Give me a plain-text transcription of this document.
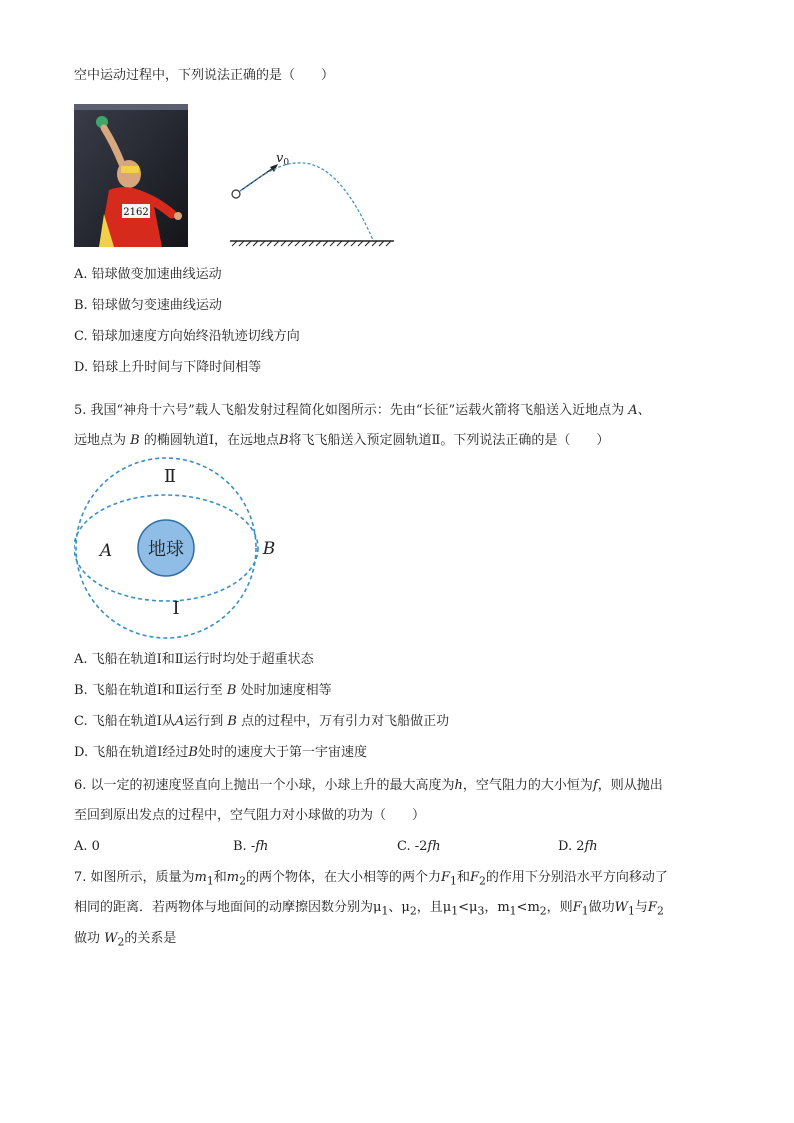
空中运动过程中，下列说法正确的是（　　）
2162
$v_0$
A. 铅球做变加速曲线运动
B. 铅球做匀变速曲线运动
C. 铅球加速度方向始终沿轨迹切线方向
D. 铅球上升时间与下降时间相等
5. 我国“神舟十六号”载人飞船发射过程简化如图所示：先由“长征”运载火箭将飞船送入近地点为 A、
远地点为 B 的椭圆轨道Ⅰ，在远地点B将飞飞船送入预定圆轨道Ⅱ。下列说法正确的是（　　）
地球
Ⅱ
Ⅰ
A	B
A. 飞船在轨道Ⅰ和Ⅱ运行时均处于超重状态
B. 飞船在轨道Ⅰ和Ⅱ运行至 B 处时加速度相等
C. 飞船在轨道Ⅰ从A运行到 B 点的过程中，万有引力对飞船做正功
D. 飞船在轨道Ⅰ经过B处时的速度大于第一宇宙速度
6. 以一定的初速度竖直向上抛出一个小球，小球上升的最大高度为h，空气阻力的大小恒为f，则从抛出
至回到原出发点的过程中，空气阻力对小球做的功为（　　）
A. 0	B. -fh	C. -2fh	D. 2fh
7. 如图所示，质量为$m_1$和$m_2$的两个物体，在大小相等的两个力$F_1$和$F_2$的作用下分别沿水平方向移动了
相同的距离．若两物体与地面间的动摩擦因数分别为$\mu_1$、$\mu_2$，且$\mu_1<\mu_3$，$m_1<m_2$，则$F_1$做功$W_1$与$F_2$
做功 $W_2$的关系是
